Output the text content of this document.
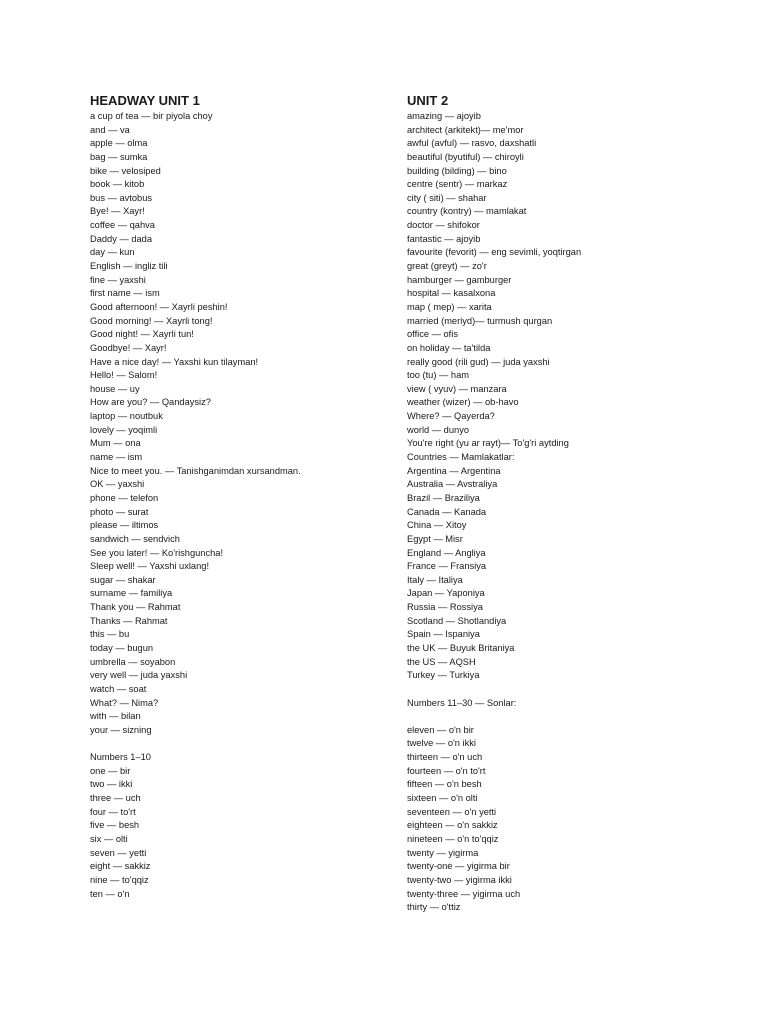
HEADWAY UNIT 1
a cup of tea — bir piyola choy
and — va
apple — olma
bag — sumka
bike — velosiped
book — kitob
bus — avtobus
Bye! — Xayr!
coffee — qahva
Daddy — dada
day — kun
English — ingliz tili
fine — yaxshi
first name — ism
Good afternoon! — Xayrli peshin!
Good morning! — Xayrli tong!
Good night! — Xayrli tun!
Goodbye! — Xayr!
Have a nice day! — Yaxshi kun tilayman!
Hello! — Salom!
house — uy
How are you? — Qandaysiz?
laptop — noutbuk
lovely — yoqimli
Mum — ona
name — ism
Nice to meet you. — Tanishganimdan xursandman.
OK — yaxshi
phone — telefon
photo — surat
please — iltimos
sandwich — sendvich
See you later! — Ko'rishguncha!
Sleep well! — Yaxshi uxlang!
sugar — shakar
surname — familiya
Thank you — Rahmat
Thanks — Rahmat
this — bu
today — bugun
umbrella — soyabon
very well — juda yaxshi
watch — soat
What? — Nima?
with — bilan
your — sizning
Numbers 1–10
one — bir
two — ikki
three — uch
four — to'rt
five — besh
six — olti
seven — yetti
eight — sakkiz
nine — to'qqiz
ten — o'n
UNIT 2
amazing — ajoyib
architect (arkitekt)— me'mor
awful (avful) — rasvo, daxshatli
beautiful (byutiful) — chiroyli
building (bilding) — bino
centre (sentr) — markaz
city ( siti) — shahar
country (kontry) — mamlakat
doctor — shifokor
fantastic — ajoyib
favourite (fevorit) — eng sevimli, yoqtirgan
great (greyt) — zo'r
hamburger — gamburger
hospital — kasalxona
map ( mep) — xarita
married (meriyd)— turmush qurgan
office — ofis
on holiday — ta'tilda
really good (rili gud) — juda yaxshi
too (tu) — ham
view ( vyuv) — manzara
weather (wizer) — ob-havo
Where? — Qayerda?
world — dunyo
You're right (yu ar rayt)— To'g'ri aytding
Countries — Mamlakatlar:
Argentina — Argentina
Australia — Avstraliya
Brazil — Braziliya
Canada — Kanada
China — Xitoy
Egypt — Misr
England — Angliya
France — Fransiya
Italy — Italiya
Japan — Yaponiya
Russia — Rossiya
Scotland — Shotlandiya
Spain — Ispaniya
the UK — Buyuk Britaniya
the US — AQSH
Turkey — Turkiya
Numbers 11–30 — Sonlar:
eleven — o'n bir
twelve — o'n ikki
thirteen — o'n uch
fourteen — o'n to'rt
fifteen — o'n besh
sixteen — o'n olti
seventeen — o'n yetti
eighteen — o'n sakkiz
nineteen — o'n to'qqiz
twenty — yigirma
twenty-one — yigirma bir
twenty-two — yigirma ikki
twenty-three — yigirma uch
thirty — o'ttiz
